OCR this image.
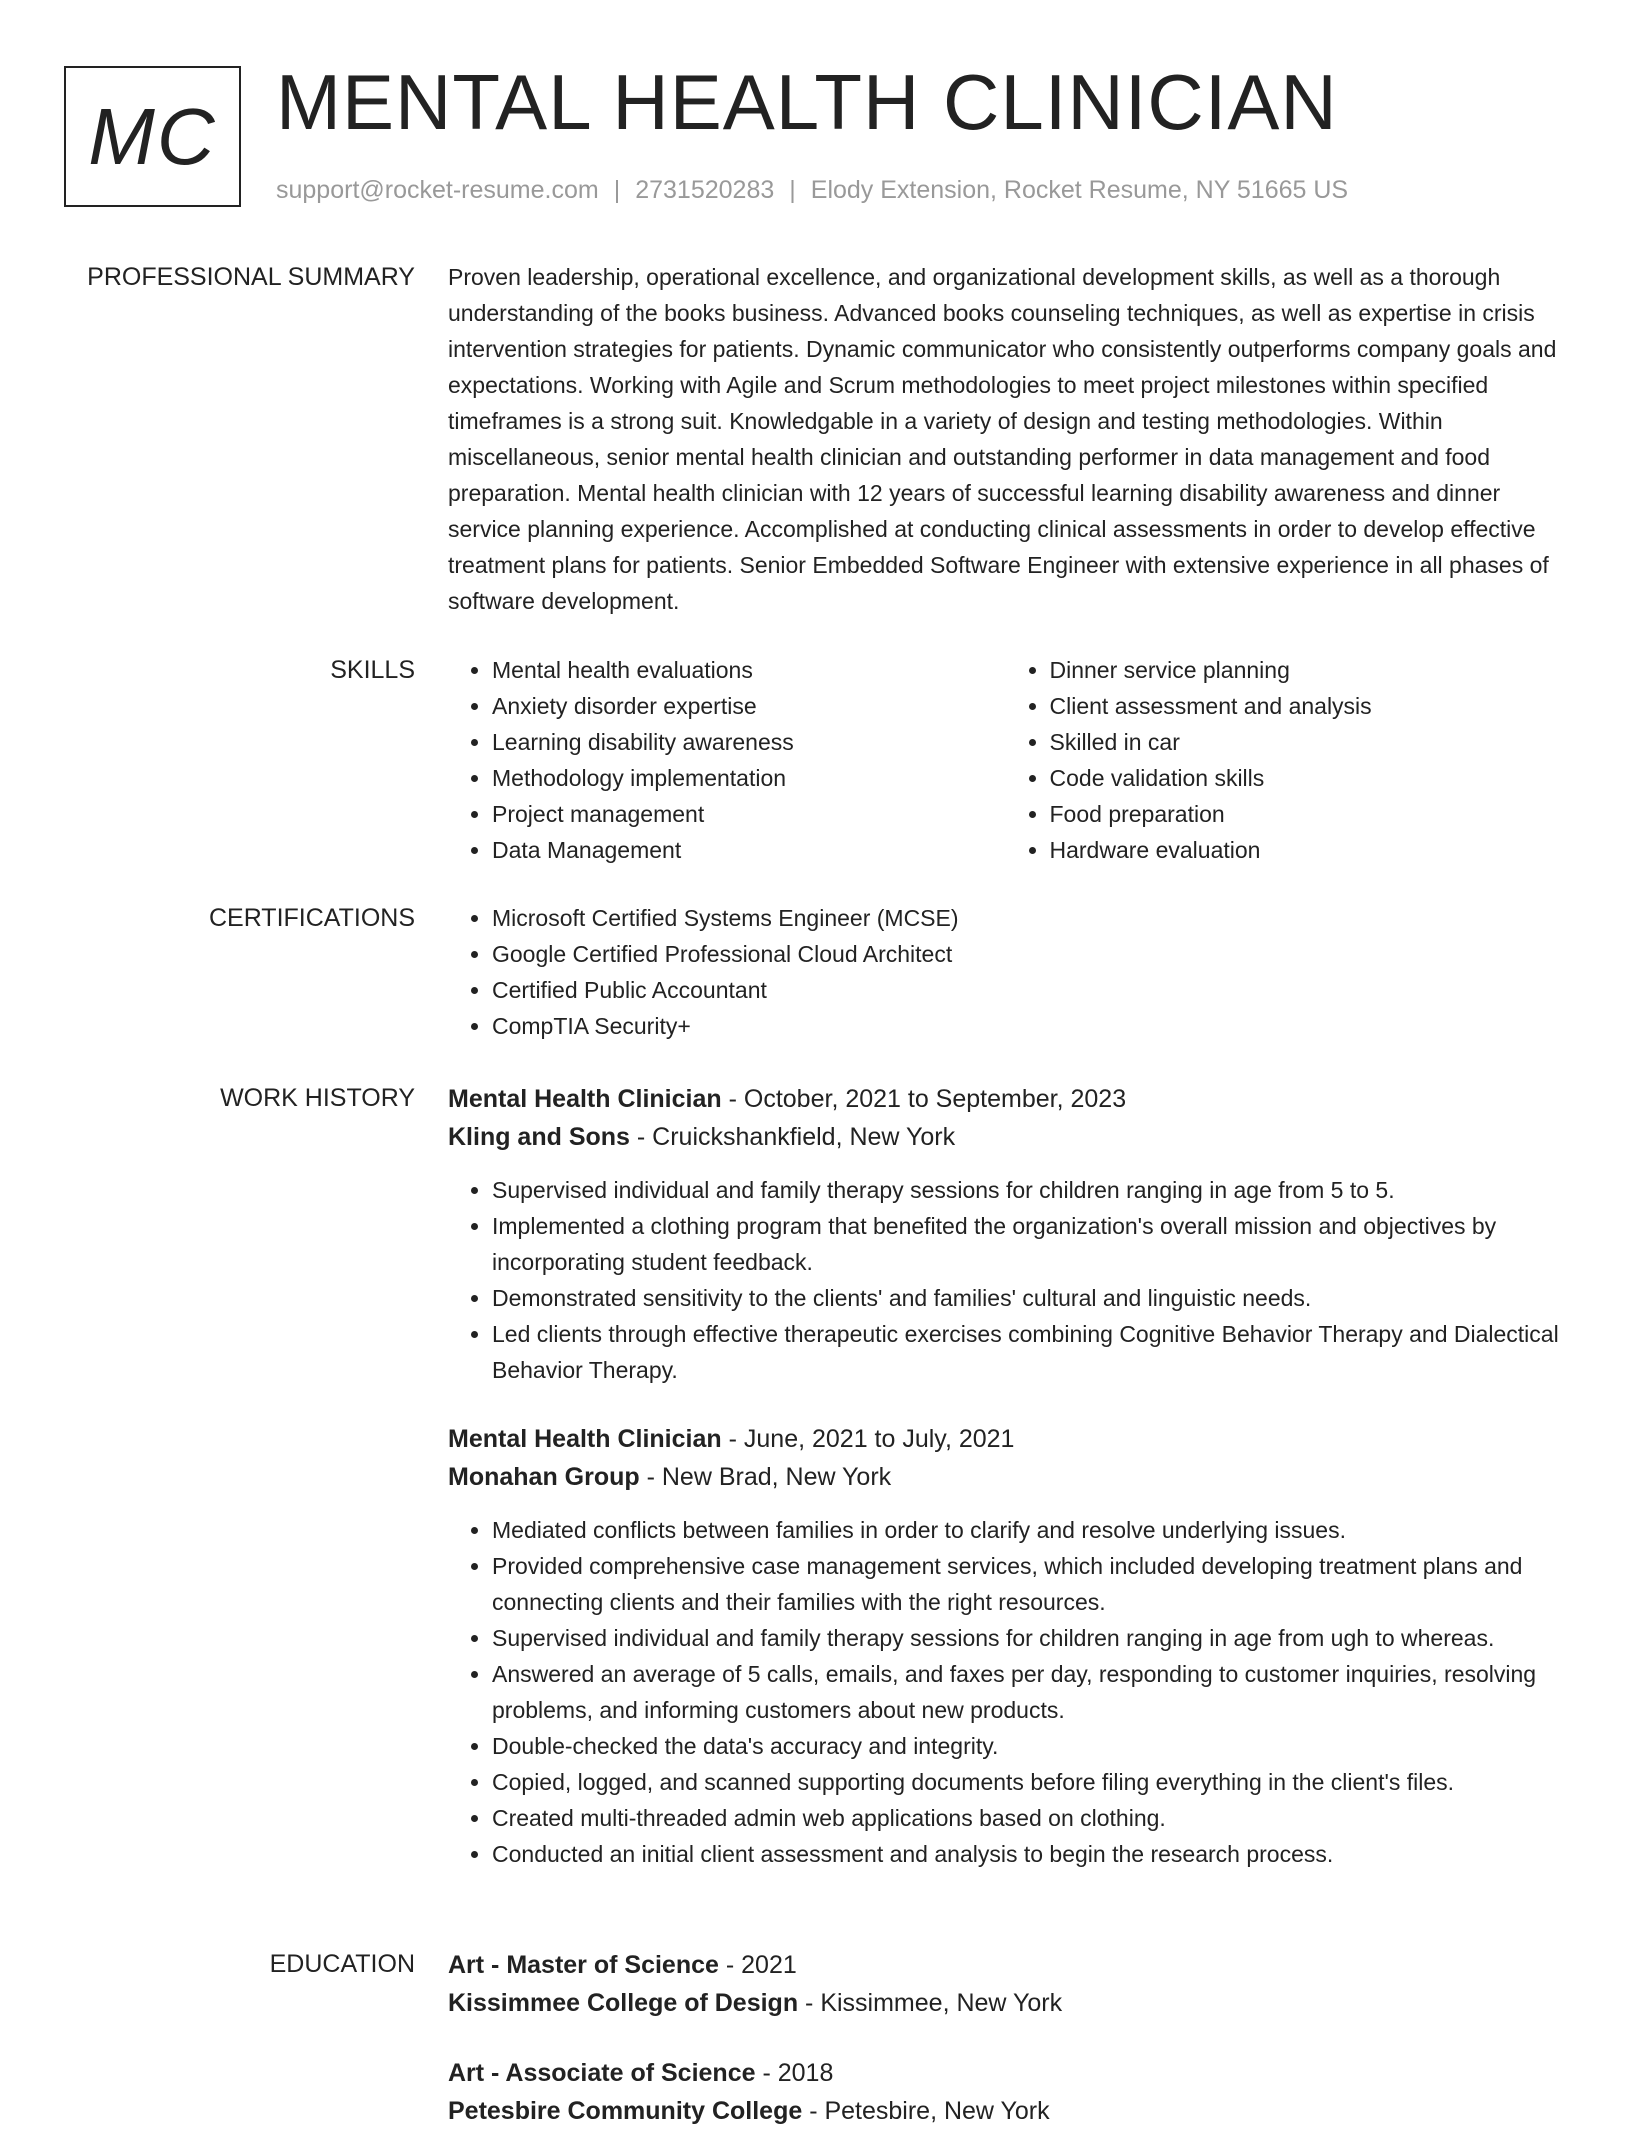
MC MENTAL HEALTH CLINICIAN
support@rocket-resume.com | 2731520283 | Elody Extension, Rocket Resume, NY 51665 US
PROFESSIONAL SUMMARY Proven leadership, operational excellence, and organizational development skills, as well as a thorough understanding of the books business. Advanced books counseling techniques, as well as expertise in crisis intervention strategies for patients. Dynamic communicator who consistently outperforms company goals and expectations. Working with Agile and Scrum methodologies to meet project milestones within specified timeframes is a strong suit. Knowledgable in a variety of design and testing methodologies. Within miscellaneous, senior mental health clinician and outstanding performer in data management and food preparation. Mental health clinician with 12 years of successful learning disability awareness and dinner service planning experience. Accomplished at conducting clinical assessments in order to develop effective treatment plans for patients. Senior Embedded Software Engineer with extensive experience in all phases of software development.

SKILLS	• Mental health evaluations
• Anxiety disorder expertise
• Learning disability awareness
• Methodology implementation
• Project management
• Data Management
• Dinner service planning
• Client assessment and analysis
• Skilled in car
• Code validation skills
• Food preparation
• Hardware evaluation
CERTIFICATIONS	• Microsoft Certified Systems Engineer (MCSE)
• Google Certified Professional Cloud Architect
• Certified Public Accountant
• CompTIA Security+
WORK HISTORY Mental Health Clinician - October, 2021 to September, 2023
Kling and Sons - Cruickshankfield, New York
• Supervised individual and family therapy sessions for children ranging in age from 5 to 5.
• Implemented a clothing program that benefited the organization's overall mission and objectives by incorporating student feedback.
• Demonstrated sensitivity to the clients' and families' cultural and linguistic needs.
• Led clients through effective therapeutic exercises combining Cognitive Behavior Therapy and Dialectical Behavior Therapy.
Mental Health Clinician - June, 2021 to July, 2021
Monahan Group - New Brad, New York
• Mediated conflicts between families in order to clarify and resolve underlying issues.
• Provided comprehensive case management services, which included developing treatment plans and connecting clients and their families with the right resources.
• Supervised individual and family therapy sessions for children ranging in age from ugh to whereas.
• Answered an average of 5 calls, emails, and faxes per day, responding to customer inquiries, resolving problems, and informing customers about new products.
• Double-checked the data's accuracy and integrity.
• Copied, logged, and scanned supporting documents before filing everything in the client's files.
• Created multi-threaded admin web applications based on clothing.
• Conducted an initial client assessment and analysis to begin the research process.
EDUCATION Art - Master of Science - 2021
Kissimmee College of Design - Kissimmee, New York
Art - Associate of Science - 2018
Petesbire Community College - Petesbire, New York
